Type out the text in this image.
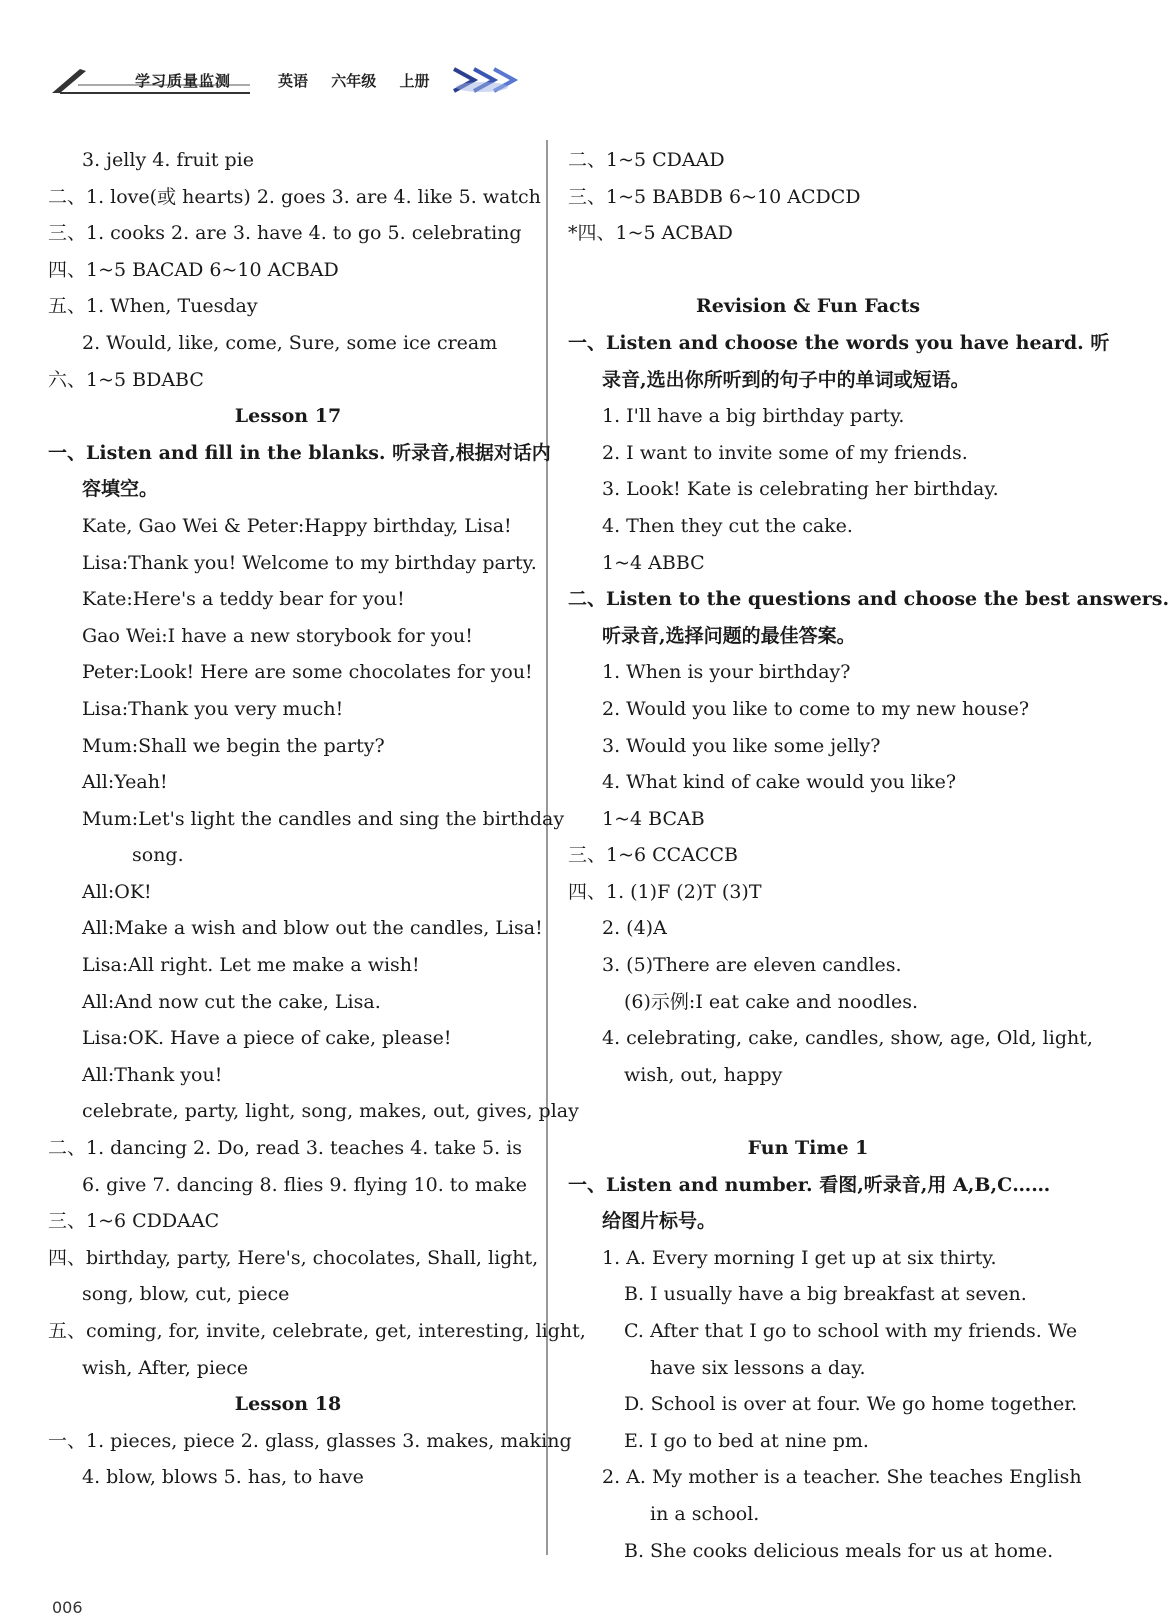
学习质量监测	英语 六年级 上册
3. jelly 4. fruit pie
二、1. love(或 hearts) 2. goes 3. are 4. like 5. watch
三、1. cooks 2. are 3. have 4. to go 5. celebrating
四、1~5 BACAD 6~10 ACBAD
五、1. When, Tuesday
2. Would, like, come, Sure, some ice cream
六、1~5 BDABC
Lesson 17
一、Listen and fill in the blanks. 听录音,根据对话内
容填空。
Kate, Gao Wei & Peter:Happy birthday, Lisa!
Lisa:Thank you! Welcome to my birthday party.
Kate:Here's a teddy bear for you!
Gao Wei:I have a new storybook for you!
Peter:Look! Here are some chocolates for you!
Lisa:Thank you very much!
Mum:Shall we begin the party?
All:Yeah!
Mum:Let's light the candles and sing the birthday
song.
All:OK!
All:Make a wish and blow out the candles, Lisa!
Lisa:All right. Let me make a wish!
All:And now cut the cake, Lisa.
Lisa:OK. Have a piece of cake, please!
All:Thank you!
celebrate, party, light, song, makes, out, gives, play
二、1. dancing 2. Do, read 3. teaches 4. take 5. is
6. give 7. dancing 8. flies 9. flying 10. to make
三、1~6 CDDAAC
四、birthday, party, Here's, chocolates, Shall, light,
song, blow, cut, piece
五、coming, for, invite, celebrate, get, interesting, light,
wish, After, piece
Lesson 18
一、1. pieces, piece 2. glass, glasses 3. makes, making
4. blow, blows 5. has, to have
二、1~5 CDAAD
三、1~5 BABDB 6~10 ACDCD
*四、1~5 ACBAD
Revision & Fun Facts
一、Listen and choose the words you have heard. 听
录音,选出你所听到的句子中的单词或短语。
1. I'll have a big birthday party.
2. I want to invite some of my friends.
3. Look! Kate is celebrating her birthday.
4. Then they cut the cake.
1~4 ABBC
二、Listen to the questions and choose the best answers.
听录音,选择问题的最佳答案。
1. When is your birthday?
2. Would you like to come to my new house?
3. Would you like some jelly?
4. What kind of cake would you like?
1~4 BCAB
三、1~6 CCACCB
四、1. (1)F (2)T (3)T
2. (4)A
3. (5)There are eleven candles.
(6)示例:I eat cake and noodles.
4. celebrating, cake, candles, show, age, Old, light,
wish, out, happy
Fun Time 1
一、Listen and number. 看图,听录音,用 A,B,C……
给图片标号。
1. A. Every morning I get up at six thirty.
B. I usually have a big breakfast at seven.
C. After that I go to school with my friends. We
have six lessons a day.
D. School is over at four. We go home together.
E. I go to bed at nine pm.
2. A. My mother is a teacher. She teaches English
in a school.
B. She cooks delicious meals for us at home.
006
